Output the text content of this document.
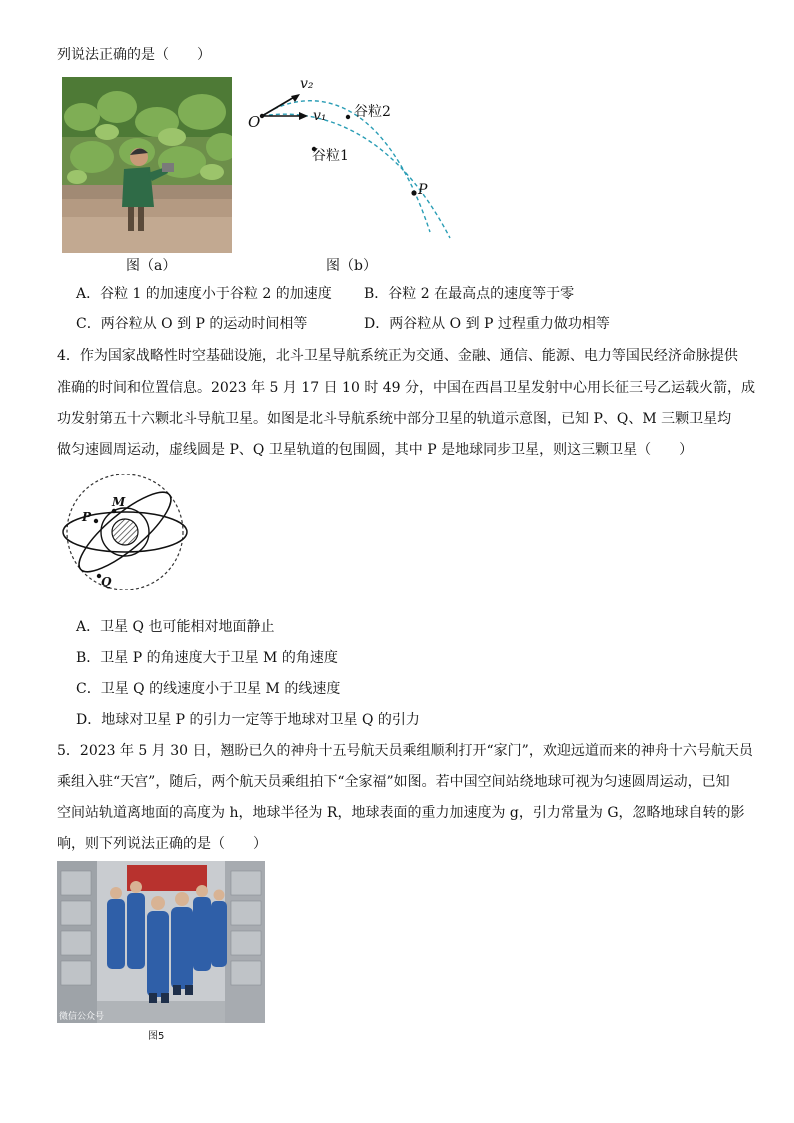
列说法正确的是（　　）
v₂
v₁
O
谷粒2
谷粒1
P
图（a）	图（b）
A．谷粒 1 的加速度小于谷粒 2 的加速度 B．谷粒 2 在最高点的速度等于零
C．两谷粒从 O 到 P 的运动时间相等	D．两谷粒从 O 到 P 过程重力做功相等
4．作为国家战略性时空基础设施，北斗卫星导航系统正为交通、金融、通信、能源、电力等国民经济命脉提供
准确的时间和位置信息。2023 年 5 月 17 日 10 时 49 分，中国在西昌卫星发射中心用长征三号乙运载火箭，成
功发射第五十六颗北斗导航卫星。如图是北斗导航系统中部分卫星的轨道示意图，已知 P、Q、M 三颗卫星均
做匀速圆周运动，虚线圆是 P、Q 卫星轨道的包围圆，其中 P 是地球同步卫星，则这三颗卫星（　　）
M
P
Q
A．卫星 Q 也可能相对地面静止
B．卫星 P 的角速度大于卫星 M 的角速度
C．卫星 Q 的线速度小于卫星 M 的线速度
D．地球对卫星 P 的引力一定等于地球对卫星 Q 的引力
5．2023 年 5 月 30 日，翘盼已久的神舟十五号航天员乘组顺利打开“家门”，欢迎远道而来的神舟十六号航天员
乘组入驻“天宫”，随后，两个航天员乘组拍下“全家福”如图。若中国空间站绕地球可视为匀速圆周运动，已知
空间站轨道离地面的高度为 h，地球半径为 R，地球表面的重力加速度为 g，引力常量为 G，忽略地球自转的影
响，则下列说法正确的是（　　）
微信公众号
图5
